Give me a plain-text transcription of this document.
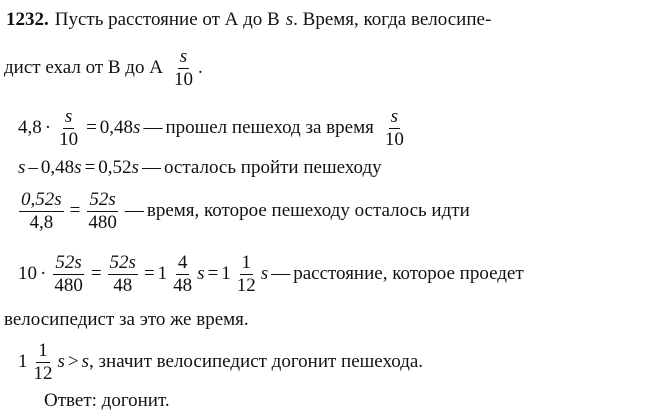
1232. Пусть расстояние от А до В s . Время, когда велосипе-
дист ехал от В до А $\frac{s}{10}$ .
$4,8 \cdot \frac{s}{10} = 0,48$ s — прошел пешеход за время $\frac{s}{10}$
s – 0,48 s = 0,52 s — осталось пройти пешеходу
$\frac{0,52s}{4,8} = \frac{52s}{480}$ — время, которое пешеходу осталось идти
$10 \cdot \frac{52s}{480} = \frac{52s}{48} = 1 \frac{4}{48}$ $s = 1 \frac{1}{12}$ s — расстояние, которое проедет
велосипедист за это же время.
$1 \frac{1}{12}$ s > s , значит велосипедист догонит пешехода.
Ответ: догонит.
